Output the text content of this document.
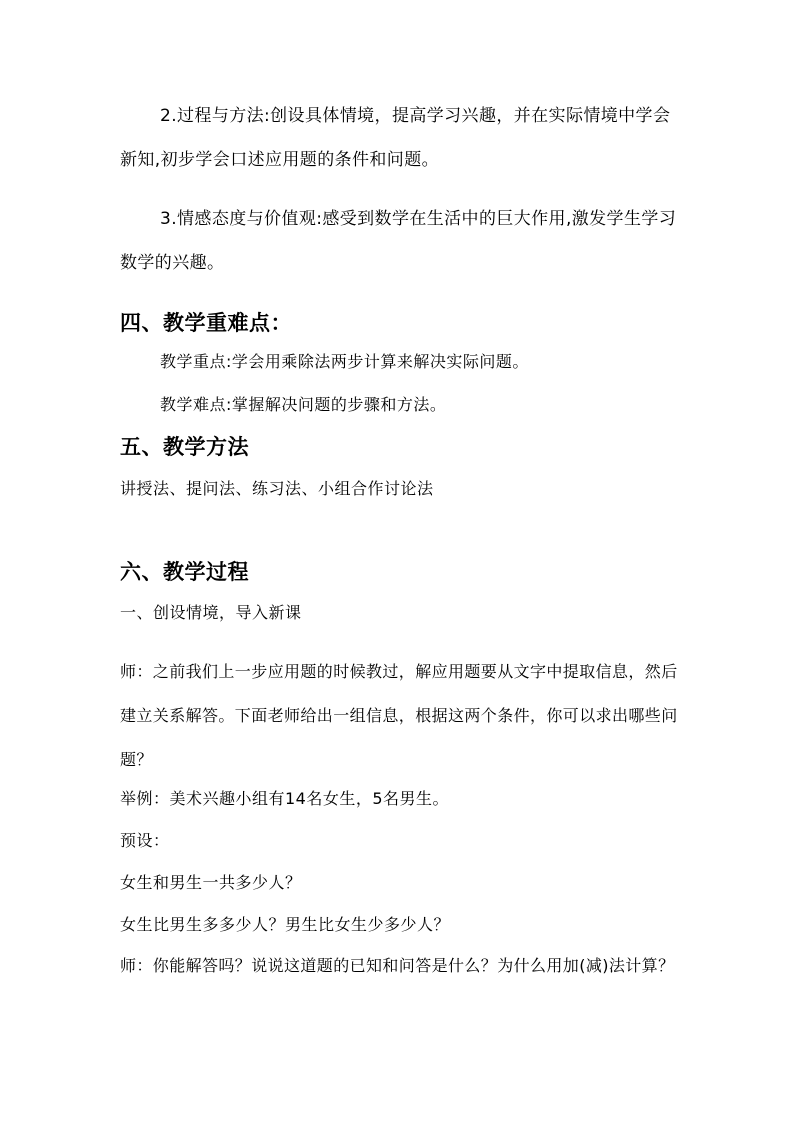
2.过程与方法:创设具体情境，提高学习兴趣，并在实际情境中学会新知,初步学会口述应用题的条件和问题。
3.情感态度与价值观:感受到数学在生活中的巨大作用,激发学生学习数学的兴趣。
四、教学重难点：
教学重点:学会用乘除法两步计算来解决实际问题。
教学难点:掌握解决问题的步骤和方法。
五、教学方法
讲授法、提问法、练习法、小组合作讨论法
六、教学过程
一、创设情境，导入新课
师：之前我们上一步应用题的时候教过，解应用题要从文字中提取信息，然后建立关系解答。下面老师给出一组信息，根据这两个条件，你可以求出哪些问题？
举例：美术兴趣小组有14名女生，5名男生。
预设：
女生和男生一共多少人？
女生比男生多多少人？男生比女生少多少人？
师：你能解答吗？说说这道题的已知和问答是什么？为什么用加(减)法计算？
